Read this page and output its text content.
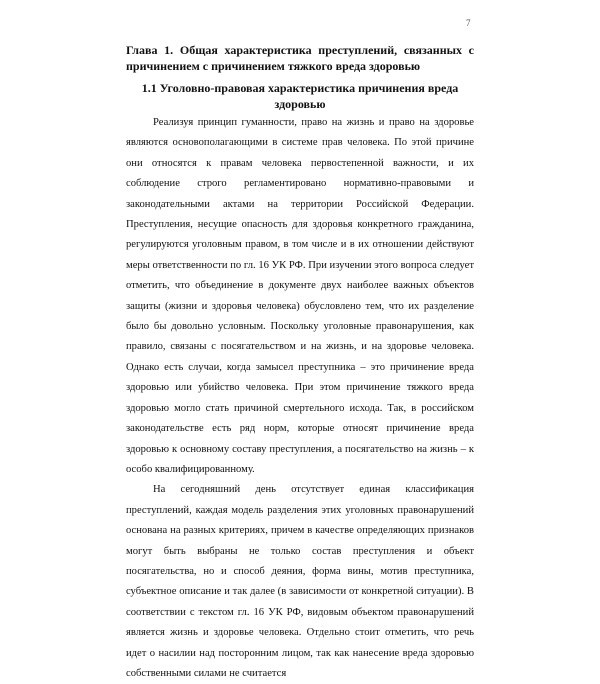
7
Глава 1. Общая характеристика преступлений, связанных с причинением с причинением тяжкого вреда здоровью
1.1 Уголовно-правовая характеристика причинения вреда здоровью

Реализуя принцип гуманности, право на жизнь и право на здоровье являются основополагающими в системе прав человека. По этой причине они относятся к правам человека первостепенной важности, и их соблюдение строго регламентировано нормативно-правовыми и законодательными актами на территории Российской Федерации. Преступления, несущие опасность для здоровья конкретного гражданина, регулируются уголовным правом, в том числе и в их отношении действуют меры ответственности по гл. 16 УК РФ. При изучении этого вопроса следует отметить, что объединение в документе двух наиболее важных объектов защиты (жизни и здоровья человека) обусловлено тем, что их разделение было бы довольно условным. Поскольку уголовные правонарушения, как правило, связаны с посягательством и на жизнь, и на здоровье человека. Однако есть случаи, когда замысел преступника – это причинение вреда здоровью или убийство человека. При этом причинение тяжкого вреда здоровью могло стать причиной смертельного исхода. Так, в российском законодательстве есть ряд норм, которые относят причинение вреда здоровью к основному составу преступления, а посягательство на жизнь – к особо квалифицированному.

На сегодняшний день отсутствует единая классификация преступлений, каждая модель разделения этих уголовных правонарушений основана на разных критериях, причем в качестве определяющих признаков могут быть выбраны не только состав преступления и объект посягательства, но и способ деяния, форма вины, мотив преступника, субъектное описание и так далее (в зависимости от конкретной ситуации). В соответствии с текстом гл. 16 УК РФ, видовым объектом правонарушений является жизнь и здоровье человека. Отдельно стоит отметить, что речь идет о насилии над посторонним лицом, так как нанесение вреда здоровью собственными силами не считается
